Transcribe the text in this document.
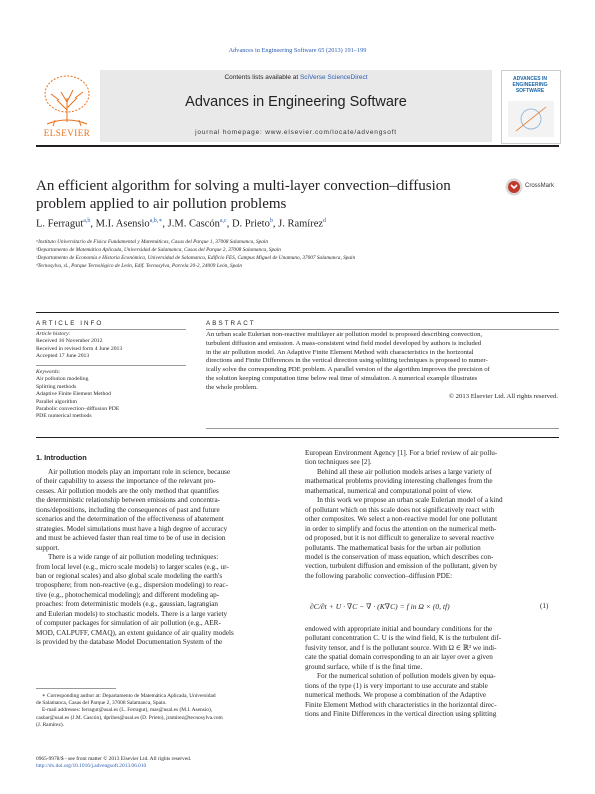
Advances in Engineering Software 65 (2013) 191–199
Contents lists available at SciVerse ScienceDirect
Advances in Engineering Software
journal homepage: www.elsevier.com/locate/advengsoft
ELSEVIER
ADVANCES IN
ENGINEERING
SOFTWARE
An efficient algorithm for solving a multi-layer convection–diffusion
problem applied to air pollution problems
CrossMark
L. Ferragut$^{a,b}$, M.I. Asensio$^{a,b,∗}$, J.M. Cascón$^{a,c}$, D. Prieto$^b$, J. Ramírez$^d$
ᵃInstituto Universitario de Física Fundamental y Matemáticas, Casas del Parque 1, 37008 Salamanca, Spain
ᵇDepartamento de Matemática Aplicada, Universidad de Salamanca, Casas del Parque 2, 37008 Salamanca, Spain
ᶜDepartamento de Economía e Historia Económica, Universidad de Salamanca, Edificio FES, Campus Miguel de Unamuno, 37007 Salamanca, Spain
ᵈTecnosylva, sl., Parque Tecnológico de León, Edif. Tecnosylva, Parcela 20-2, 24009 León, Spain
ARTICLE INFO
Article history:
Received 16 November 2012
Received in revised form 4 June 2013
Accepted 17 June 2013
Keywords:
Air pollution modeling
Splitting methods
Adaptive Finite Element Method
Parallel algorithm
Parabolic convection–diffusion PDE
PDE numerical methods
ABSTRACT
An urban scale Eulerian non-reactive multilayer air pollution model is proposed describing convection,
turbulent diffusion and emission. A mass-consistent wind field model developed by authors is included
in the air pollution model. An Adaptive Finite Element Method with characteristics in the horizontal
directions and Finite Differences in the vertical direction using splitting techniques is proposed to numer-
ically solve the corresponding PDE problem. A parallel version of the algorithm improves the precision of
the solution keeping computation time below real time of simulation. A numerical example illustrates
the whole problem.
© 2013 Elsevier Ltd. All rights reserved.
1. Introduction
Air pollution models play an important role in science, because
of their capability to assess the importance of the relevant pro-
cesses. Air pollution models are the only method that quantifies
the deterministic relationship between emissions and concentra-
tions/depositions, including the consequences of past and future
scenarios and the determination of the effectiveness of abatement
strategies. Model simulations must have a high degree of accuracy
and must be achieved faster than real time to be of use in decision
support.
There is a wide range of air pollution modeling techniques:
from local level (e.g., micro scale models) to larger scales (e.g., ur-
ban or regional scales) and also global scale modeling the earth's
troposphere; from non-reactive (e.g., dispersion modeling) to reac-
tive (e.g., photochemical modeling); and different modeling ap-
proaches: from deterministic models (e.g., gaussian, lagrangian
and Eulerian models) to stochastic models. There is a large variety
of computer packages for simulation of air pollution (e.g., AER-
MOD, CALPUFF, CMAQ), an extent guidance of air quality models
is provided by the database Model Documentation System of the
∗ Corresponding author at: Departamento de Matemática Aplicada, Universidad
de Salamanca, Casas del Parque 2, 37008 Salamanca, Spain.
E-mail addresses: ferragut@usal.es (L. Ferragut), mas@usal.es (M.I. Asensio),
casbar@usal.es (J.M. Cascón), dprihes@usal.es (D. Prieto), jramirez@tecnosylva.com
(J. Ramírez).
0965-9978/$ - see front matter © 2013 Elsevier Ltd. All rights reserved.
http://dx.doi.org/10.1016/j.advengsoft.2013.06.010
European Environment Agency [1]. For a brief review of air pollu-
tion techniques see [2].
Behind all these air pollution models arises a large variety of
mathematical problems providing interesting challenges from the
mathematical, numerical and computational point of view.
In this work we propose an urban scale Eulerian model of a kind
of pollutant which on this scale does not significatively react with
other composites. We select a non-reactive model for one pollutant
in order to simplify and focus the attention on the numerical meth-
od proposed, but it is not difficult to generalize to several reactive
pollutants. The mathematical basis for the urban air pollution
model is the conservation of mass equation, which describes con-
vection, turbulent diffusion and emission of the pollutant, given by
the following parabolic convection–diffusion PDE:
∂C/∂t + U · ∇C − ∇ · (K∇C) = f in Ω × (0, tf)	(1)
endowed with appropriate initial and boundary conditions for the
pollutant concentration C. U is the wind field, K is the turbulent dif-
fusivity tensor, and f is the pollutant source. With Ω ∈ ℝ³ we indi-
cate the spatial domain corresponding to an air layer over a given
ground surface, while tf is the final time.
For the numerical solution of pollution models given by equa-
tions of the type (1) is very important to use accurate and stable
numerical methods. We propose a combination of the Adaptive
Finite Element Method with characteristics in the horizontal direc-
tions and Finite Differences in the vertical direction using splitting
